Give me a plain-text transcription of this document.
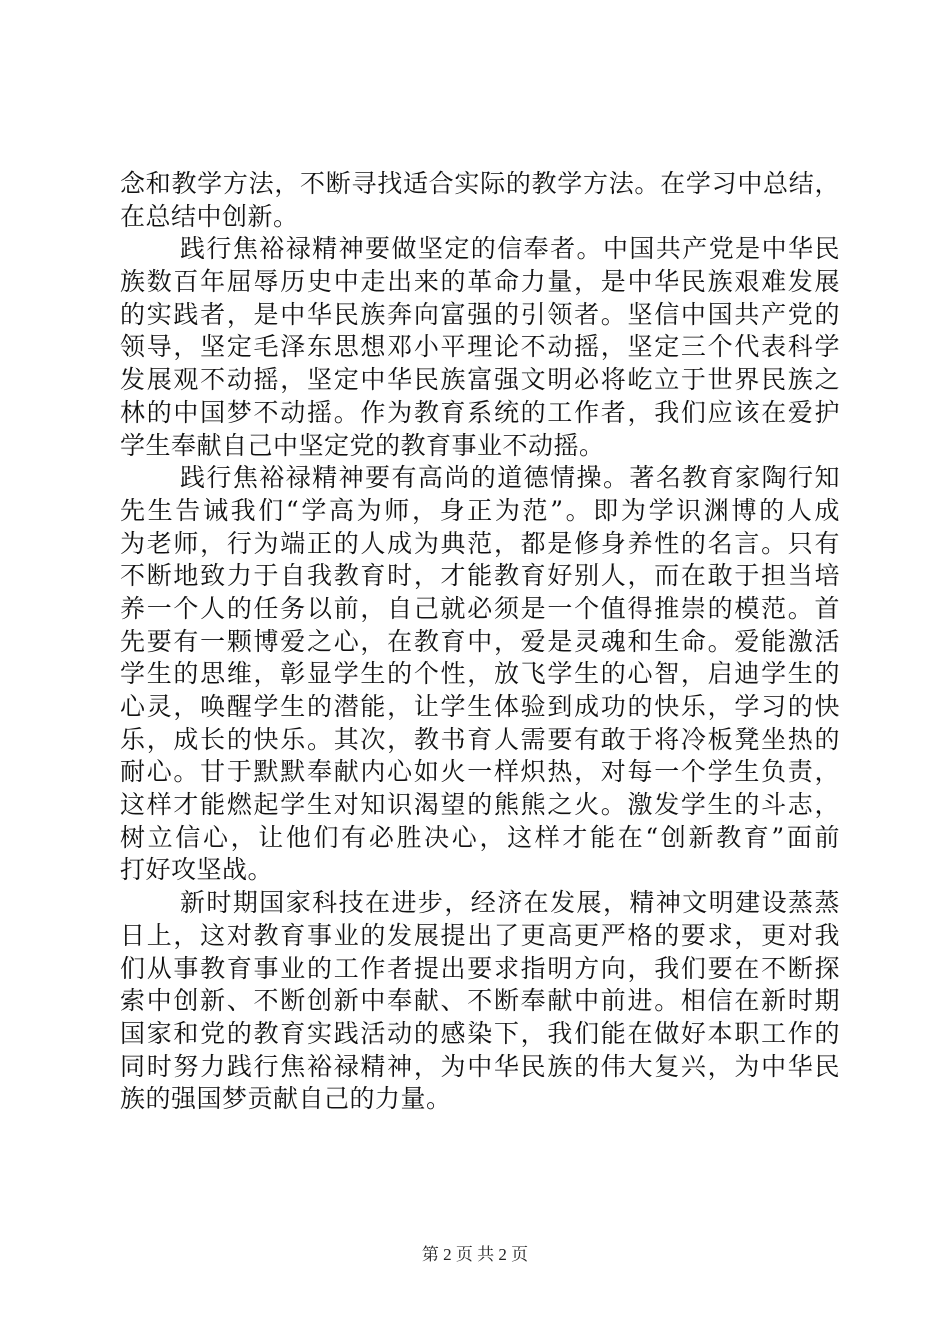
念和教学方法，不断寻找适合实际的教学方法。在学习中总结，
在总结中创新。
践行焦裕禄精神要做坚定的信奉者。中国共产党是中华民
族数百年屈辱历史中走出来的革命力量，是中华民族艰难发展
的实践者，是中华民族奔向富强的引领者。坚信中国共产党的
领导，坚定毛泽东思想邓小平理论不动摇，坚定三个代表科学
发展观不动摇，坚定中华民族富强文明必将屹立于世界民族之
林的中国梦不动摇。作为教育系统的工作者，我们应该在爱护
学生奉献自己中坚定党的教育事业不动摇。
践行焦裕禄精神要有高尚的道德情操。著名教育家陶行知
先生告诫我们“学高为师，身正为范”。即为学识渊博的人成
为老师，行为端正的人成为典范，都是修身养性的名言。只有
不断地致力于自我教育时，才能教育好别人，而在敢于担当培
养一个人的任务以前，自己就必须是一个值得推崇的模范。首
先要有一颗博爱之心，在教育中，爱是灵魂和生命。爱能激活
学生的思维，彰显学生的个性，放飞学生的心智，启迪学生的
心灵，唤醒学生的潜能，让学生体验到成功的快乐，学习的快
乐，成长的快乐。其次，教书育人需要有敢于将冷板凳坐热的
耐心。甘于默默奉献内心如火一样炽热，对每一个学生负责，
这样才能燃起学生对知识渴望的熊熊之火。激发学生的斗志，
树立信心，让他们有必胜决心，这样才能在“创新教育”面前
打好攻坚战。
新时期国家科技在进步，经济在发展，精神文明建设蒸蒸
日上，这对教育事业的发展提出了更高更严格的要求，更对我
们从事教育事业的工作者提出要求指明方向，我们要在不断探
索中创新、不断创新中奉献、不断奉献中前进。相信在新时期
国家和党的教育实践活动的感染下，我们能在做好本职工作的
同时努力践行焦裕禄精神，为中华民族的伟大复兴，为中华民
族的强国梦贡献自己的力量。
第 2 页 共 2 页
